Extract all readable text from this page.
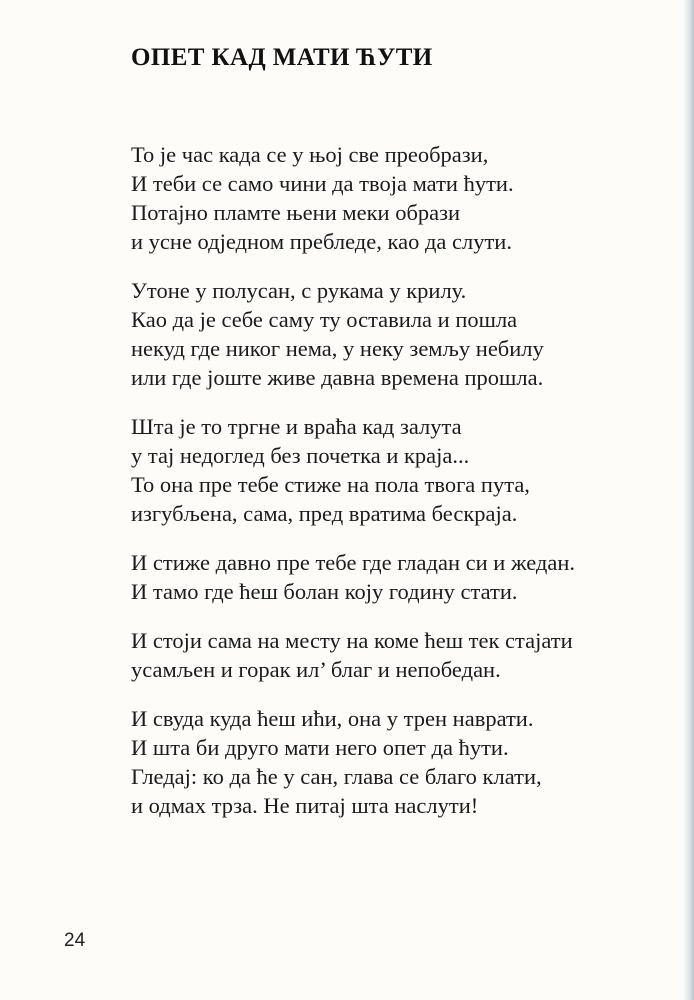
ОПЕТ КАД МАТИ ЋУТИ
То је час када се у њој све преобрази,
И теби се само чини да твоја мати ћути.
Потајно пламте њени меки образи
и усне одједном пребледе, као да слути.
Утоне у полусан, с рукама у крилу.
Као да је себе саму ту оставила и пошла
некуд где никог нема, у неку земљу небилу
или где јоште живе давна времена прошла.
Шта је то тргне и враћа кад залута
у тај недоглед без почетка и краја...
То она пре тебе стиже на пола твога пута,
изгубљена, сама, пред вратима бескраја.
И стиже давно пре тебе где гладан си и жедан.
И тамо где ћеш болан коју годину стати.
И стоји сама на месту на коме ћеш тек стајати
усамљен и горак ил’ благ и непобедан.
И свуда куда ћеш ићи, она у трен наврати.
И шта би друго мати него опет да ћути.
Гледај: ко да ће у сан, глава се благо клати,
и одмах трза. Не питај шта наслути!
24
